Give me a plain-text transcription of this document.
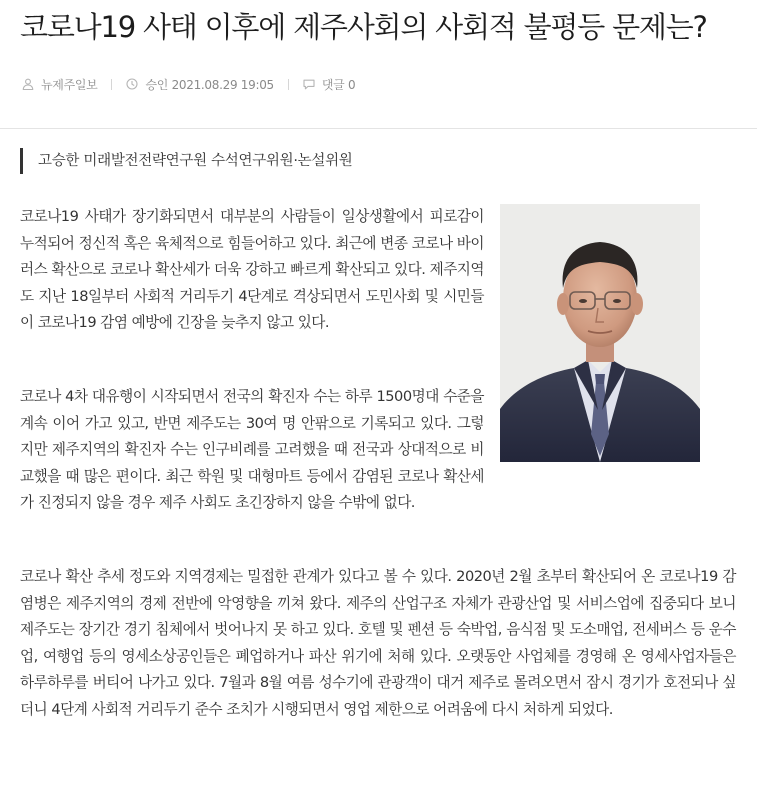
코로나19 사태 이후에 제주사회의 사회적 불평등 문제는?
뉴제주일보	승인 2021.08.29 19:05	댓글 0
고승한 미래발전전략연구원 수석연구위원·논설위원

코로나19 사태가 장기화되면서 대부분의 사람들이 일상생활에서 피로감이 누적되어 정신적 혹은 육체적으로 힘들어하고 있다. 최근에 변종 코로나 바이러스 확산으로 코로나 확산세가 더욱 강하고 빠르게 확산되고 있다. 제주지역도 지난 18일부터 사회적 거리두기 4단계로 격상되면서 도민사회 및 시민들이 코로나19 감염 예방에 긴장을 늦추지 않고 있다.

코로나 4차 대유행이 시작되면서 전국의 확진자 수는 하루 1500명대 수준을 계속 이어 가고 있고, 반면 제주도는 30여 명 안팎으로 기록되고 있다. 그렇지만 제주지역의 확진자 수는 인구비례를 고려했을 때 전국과 상대적으로 비교했을 때 많은 편이다. 최근 학원 및 대형마트 등에서 감염된 코로나 확산세가 진정되지 않을 경우 제주 사회도 초긴장하지 않을 수밖에 없다.

코로나 확산 추세 정도와 지역경제는 밀접한 관계가 있다고 볼 수 있다. 2020년 2월 초부터 확산되어 온 코로나19 감염병은 제주지역의 경제 전반에 악영향을 끼쳐 왔다. 제주의 산업구조 자체가 관광산업 및 서비스업에 집중되다 보니 제주도는 장기간 경기 침체에서 벗어나지 못 하고 있다. 호텔 및 펜션 등 숙박업, 음식점 및 도소매업, 전세버스 등 운수업, 여행업 등의 영세소상공인들은 폐업하거나 파산 위기에 처해 있다. 오랫동안 사업체를 경영해 온 영세사업자들은 하루하루를 버티어 나가고 있다. 7월과 8월 여름 성수기에 관광객이 대거 제주로 몰려오면서 잠시 경기가 호전되나 싶더니 4단계 사회적 거리두기 준수 조치가 시행되면서 영업 제한으로 어려움에 다시 처하게 되었다.
